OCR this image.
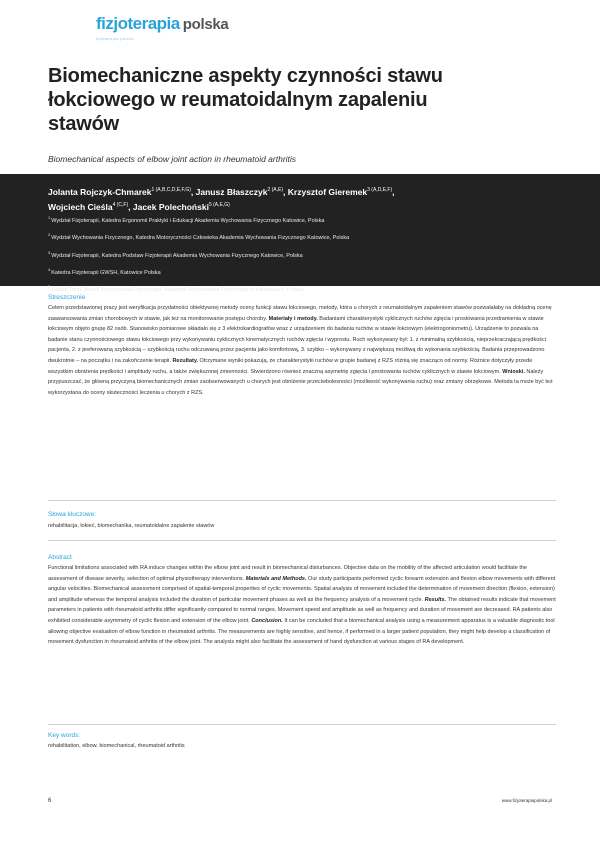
fizjoterapia polska
fizjoterapia polska
Biomechaniczne aspekty czynności stawu łokciowego w reumatoidalnym zapaleniu stawów

Biomechanical aspects of elbow joint action in rheumatoid arthritis

Jolanta Rojczyk-Chmarek$^{1 (A,B,C,D,E,F,G)}$, Janusz Błaszczyk$^{2 (A,E)}$, Krzysztof Gieremek$^{3 (A,D,E,F)}$,
Wojciech Cieśla$^{4 (C,F)}$, Jacek Polechoński$^{5 (A,E,G)}$
$^1$Wydział Fizjoterapii, Katedra Ergonomii Praktyki i Edukacji Akademia Wychowania Fizycznego Katowice, Polska
$^2$Wydział Wychowania Fizycznego, Katedra Motoryczności Człowieka Akademia Wychowania Fizycznego Katowice, Polska
$^3$Wydział Fizjoterapii, Katedra Podstaw Fizjoterapii Akademia Wychowania Fizycznego Katowice, Polska
$^4$Katedra Fizjoterapii GWSH, Katowice Polska
$^5$Zakład Teorii Metod Wychowania Fizycznego, Akademii Wychowania Fizycznego w Katowicach, Polska
Streszczenie

Celem przedstawionej pracy jest weryfikacja przydatności obiektywnej metody oceny funkcji stawu łokciowego, metody, która u chorych z reumatoidalnym zapaleniem stawów pozwalałaby na dokładną ocenę zaawansowania zmian chorobowych w stawie, jak też na monitorowanie postępu choroby. Materiały i metody. Badaniami charakterystyki cyklicznych ruchów zgięcia i prostowania przedramienia w stawie łokciowym objęto grupę 82 osób. Stanowisko pomiarowe składało się z 3 elektrokardiografów wraz z urządzeniem do badania ruchów w stawie łokciowym (elektrogoniometru). Urządzenie to pozwala na badanie stanu czynnościowego stawu łokciowego przy wykonywaniu cyklicznych kinematycznych ruchów zgięcia i wyprostu. Ruch wykonywany był: 1. z minimalną szybkością, nieprzekraczającą prędkości pacjenta, 2. z preferowaną szybkością – szybkością ruchu odczuwaną przez pacjenta jako komfortową, 3. szybko – wykonywany z największą możliwą do wykonania szybkością. Badania przeprowadzono dwukrotnie – na początku i na zakończenie terapii. Rezultaty. Otrzymane wyniki pokazują, że charakterystyki ruchów w grupie badanej z RZS różnią się znacząco od normy. Różnice dotyczyły przede wszystkim obniżenia prędkości i amplitudy ruchu, a także zwiększonej zmienności. Stwierdzono również znaczną asymetrię zgięcia i prostowania ruchów cyklicznych w stawie łokciowym. Wnioski. Należy przypuszczać, że główną przyczyną biomechanicznych zmian zaobserwowanych u chorych jest obniżenie przeciwbolesności (możliwość wykonywania ruchu) oraz zmiany obrzękowe. Metoda ta może być też wykorzystana do oceny skuteczności leczenia u chorych z RZS.

Słowa kluczowe:

rehabilitacja, łokieć, biomechanika, reumatoidalne zapalenie stawów

Abstract

Functional limitations associated with RA induce changes within the elbow joint and result in biomechanical disturbances. Objective data on the mobility of the affected articulation would facilitate the assessment of disease severity, selection of optimal physiotherapy interventions. Materials and Methods. Our study participants performed cyclic forearm extension and flexion elbow movements with different angular velocities. Biomechanical assessment comprised of spatial-temporal properties of cyclic movements. Spatial analysis of movement included the determination of movement direction (flexion, extension) and amplitude whereas the temporal analysis included the duration of particular movement phases as well as the frequency analysis of a movement cycle. Results. The obtained results indicate that movement parameters in patients with rheumatoid arthritis differ significantly compared to normal ranges. Movement speed and amplitude as well as frequency and duration of movement are decreased. RA patients also exhibited considerable asymmetry of cyclic flexion and extension of the elbow joint. Conclusion. It can be concluded that a biomechanical analysis using a measurement apparatus is a valuable diagnostic tool allowing objective evaluation of elbow function in rheumatoid arthritis. The measurements are highly sensitive, and hence, if performed in a larger patient population, they might help develop a classification of movement dysfunction in rheumatoid arthritis of the elbow joint. The analysis might also facilitate the assessment of hand dysfunction at various stages of RA development.

Key words:

rehabilitation, elbow, biomechanical, rheumatoid arthritis

6	www.fizjoterapiapolska.pl
